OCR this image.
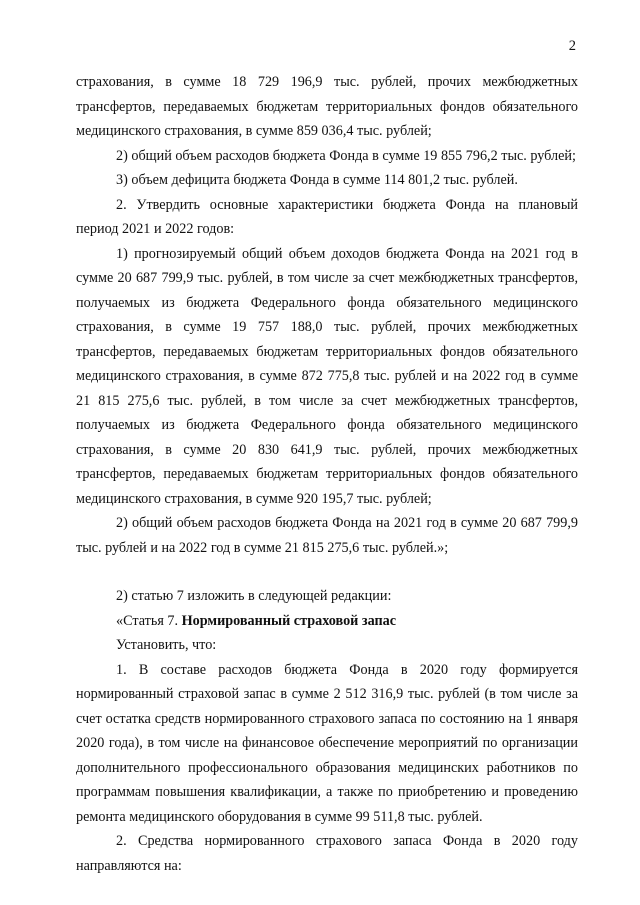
2

страхования, в сумме 18 729 196,9 тыс. рублей, прочих межбюджетных трансфертов, передаваемых бюджетам территориальных фондов обязательного медицинского страхования, в сумме 859 036,4 тыс. рублей;

2) общий объем расходов бюджета Фонда в сумме 19 855 796,2 тыс. рублей;

3) объем дефицита бюджета Фонда в сумме 114 801,2 тыс. рублей.

2. Утвердить основные характеристики бюджета Фонда на плановый период 2021 и 2022 годов:

1) прогнозируемый общий объем доходов бюджета Фонда на 2021 год в сумме 20 687 799,9 тыс. рублей, в том числе за счет межбюджетных трансфертов, получаемых из бюджета Федерального фонда обязательного медицинского страхования, в сумме 19 757 188,0 тыс. рублей, прочих межбюджетных трансфертов, передаваемых бюджетам территориальных фондов обязательного медицинского страхования, в сумме 872 775,8 тыс. рублей и на 2022 год в сумме 21 815 275,6 тыс. рублей, в том числе за счет межбюджетных трансфертов, получаемых из бюджета Федерального фонда обязательного медицинского страхования, в сумме 20 830 641,9 тыс. рублей, прочих межбюджетных трансфертов, передаваемых бюджетам территориальных фондов обязательного медицинского страхования, в сумме 920 195,7 тыс. рублей;

2) общий объем расходов бюджета Фонда на 2021 год в сумме 20 687 799,9 тыс. рублей и на 2022 год в сумме 21 815 275,6 тыс. рублей.»;

2) статью 7 изложить в следующей редакции:

«Статья 7. Нормированный страховой запас

Установить, что:

1. В составе расходов бюджета Фонда в 2020 году формируется нормированный страховой запас в сумме 2 512 316,9 тыс. рублей (в том числе за счет остатка средств нормированного страхового запаса по состоянию на 1 января 2020 года), в том числе на финансовое обеспечение мероприятий по организации дополнительного профессионального образования медицинских работников по программам повышения квалификации, а также по приобретению и проведению ремонта медицинского оборудования в сумме 99 511,8 тыс. рублей.

2. Средства нормированного страхового запаса Фонда в 2020 году направляются на:
